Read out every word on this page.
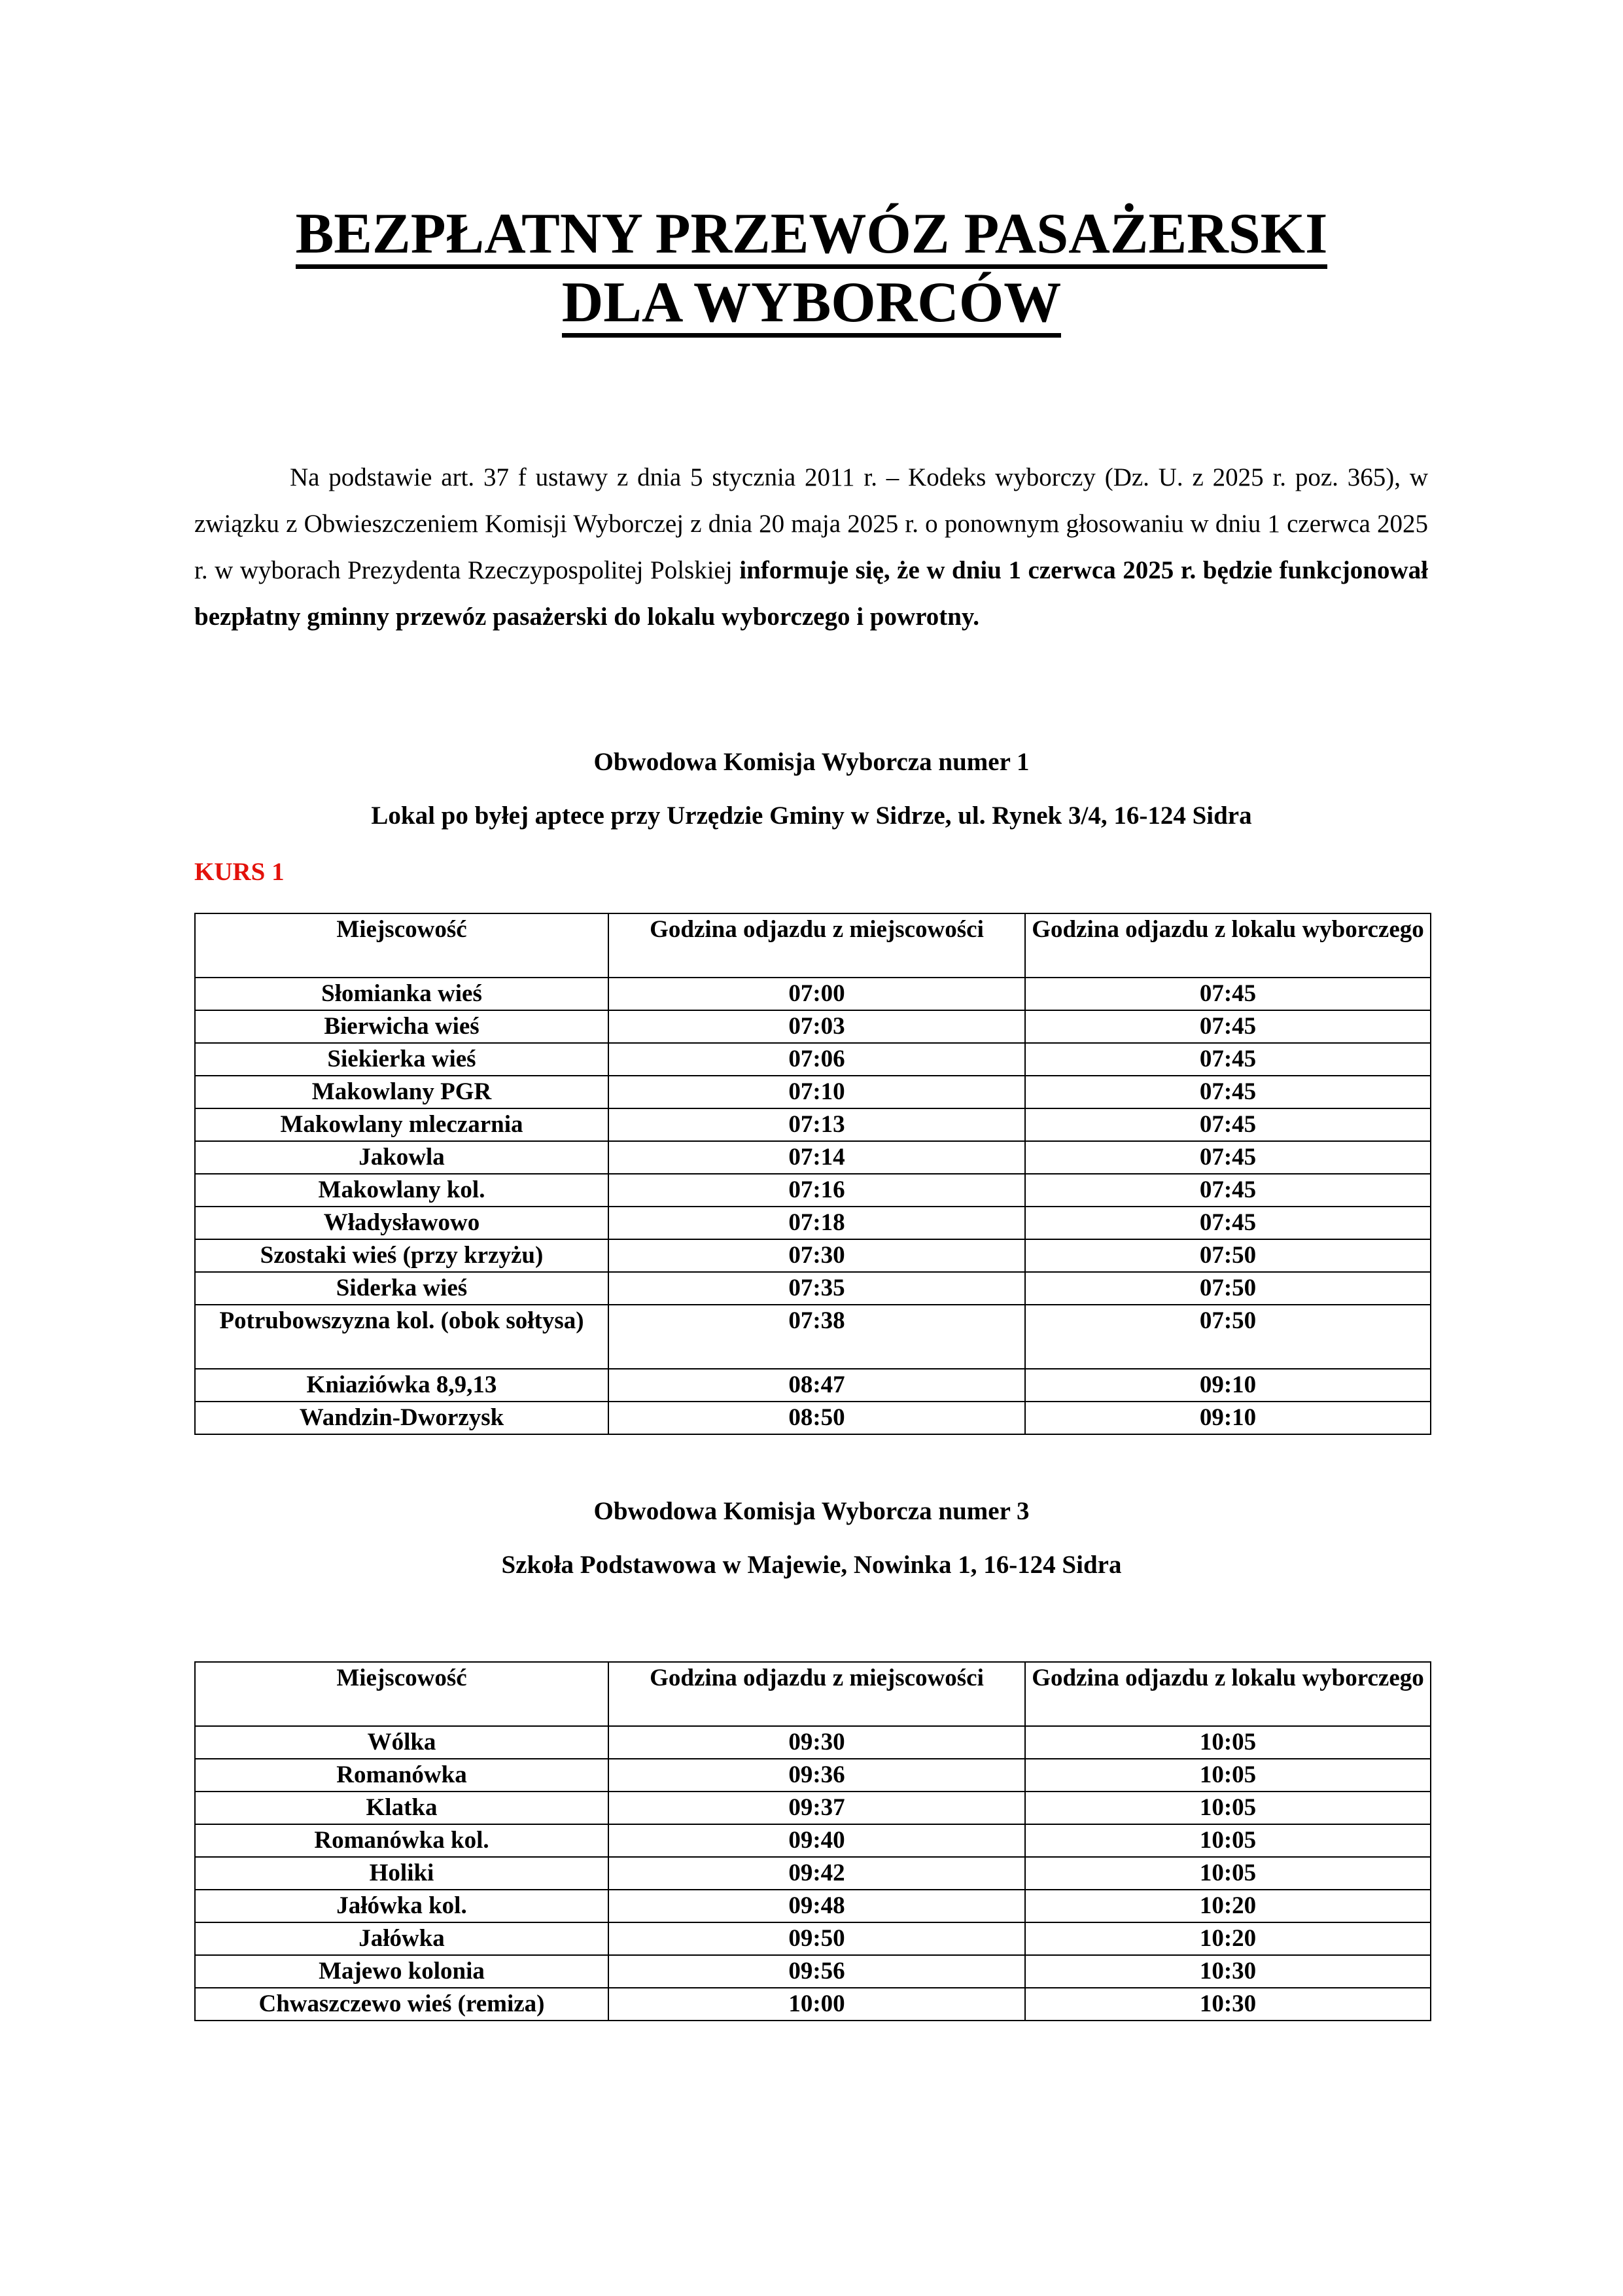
BEZPŁATNY PRZEWÓZ PASAŻERSKI
DLA WYBORCÓW
Na podstawie art. 37 f ustawy z dnia 5 stycznia 2011 r. – Kodeks wyborczy (Dz. U. z 2025 r. poz. 365), w związku z Obwieszczeniem Komisji Wyborczej z dnia 20 maja 2025 r. o ponownym głosowaniu w dniu 1 czerwca 2025 r. w wyborach Prezydenta Rzeczypospolitej Polskiej informuje się, że w dniu 1 czerwca 2025 r. będzie funkcjonował bezpłatny gminny przewóz pasażerski do lokalu wyborczego i powrotny.
Obwodowa Komisja Wyborcza numer 1
Lokal po byłej aptece przy Urzędzie Gminy w Sidrze, ul. Rynek 3/4, 16-124 Sidra
KURS 1
Miejscowość	Godzina odjazdu z miejscowości	Godzina odjazdu z lokalu wyborczego
Słomianka wieś	07:00	07:45
Bierwicha wieś	07:03	07:45
Siekierka wieś	07:06	07:45
Makowlany PGR	07:10	07:45
Makowlany mleczarnia	07:13	07:45
Jakowla	07:14	07:45
Makowlany kol.	07:16	07:45
Władysławowo	07:18	07:45
Szostaki wieś (przy krzyżu)	07:30	07:50
Siderka wieś	07:35	07:50
Potrubowszyzna kol. (obok sołtysa)	07:38	07:50
Kniaziówka 8,9,13	08:47	09:10
Wandzin-Dworzysk	08:50	09:10
Obwodowa Komisja Wyborcza numer 3
Szkoła Podstawowa w Majewie, Nowinka 1, 16-124 Sidra
Miejscowość	Godzina odjazdu z miejscowości	Godzina odjazdu z lokalu wyborczego
Wólka	09:30	10:05
Romanówka	09:36	10:05
Klatka	09:37	10:05
Romanówka kol.	09:40	10:05
Holiki	09:42	10:05
Jałówka kol.	09:48	10:20
Jałówka	09:50	10:20
Majewo kolonia	09:56	10:30
Chwaszczewo wieś (remiza)	10:00	10:30
